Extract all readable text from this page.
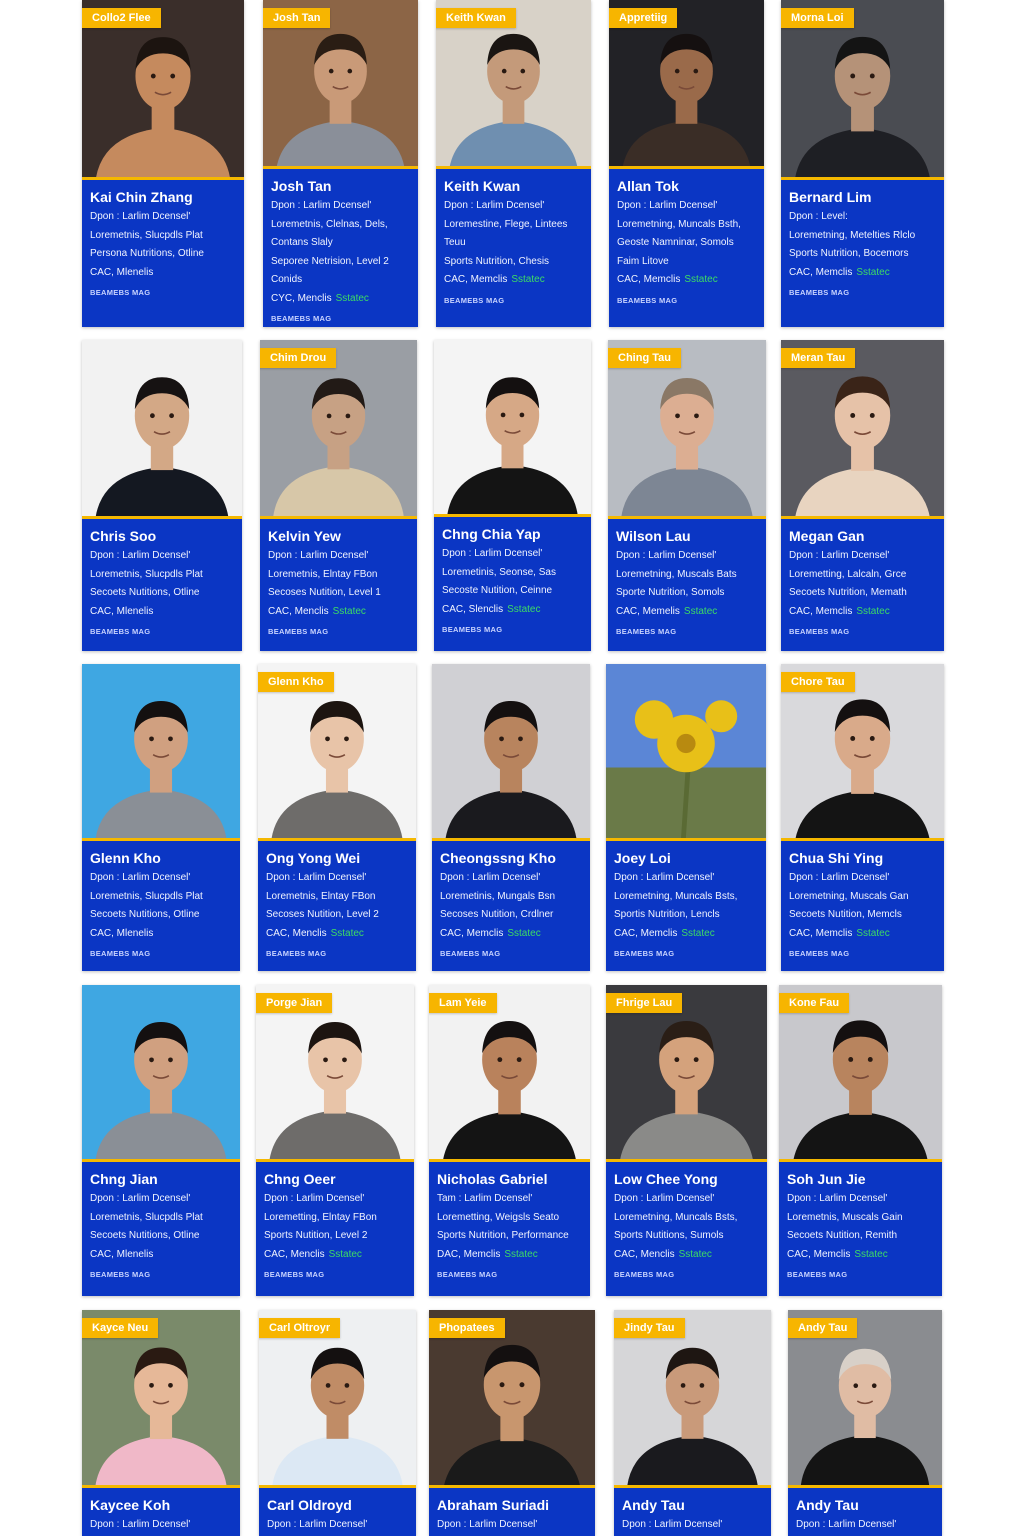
Collo2 Flee
Kai Chin Zhang
Dpon : Larlim Dcensel'
Loremetnis, Slucpdls Plat
Persona Nutritions, Otline
CAC, Mlenelis
BEAMEBS MAG
Josh Tan
Josh Tan
Dpon : Larlim Dcensel'
Loremetnis, Clelnas, Dels,
Contans Slaly
Seporee Netrision, Level 2
Conids
CYC, Menclis Sstatec
BEAMEBS MAG
Keith Kwan
Keith Kwan
Dpon : Larlim Dcensel'
Loremestine, Flege, Lintees
Teuu
Sports Nutrition, Chesis
CAC, Memclis Sstatec
BEAMEBS MAG
Appretiig
Allan Tok
Dpon : Larlim Dcensel'
Loremetning, Muncals Bsth,
Geoste Namninar, Somols
Faim Litove
CAC, Memclis Sstatec
BEAMEBS MAG
Morna Loi
Bernard Lim
Dpon : Level:
Loremetning, Metelties Rlclo
Sports Nutrition, Bocemors
CAC, Memclis Sstatec
BEAMEBS MAG
Chris Soo
Dpon : Larlim Dcensel'
Loremetnis, Slucpdls Plat
Secoets Nutitions, Otline
CAC, Mlenelis
BEAMEBS MAG
Chim Drou
Kelvin Yew
Dpon : Larlim Dcensel'
Loremetnis, Elntay FBon
Secoses Nutition, Level 1
CAC, Menclis Sstatec
BEAMEBS MAG
Chng Chia Yap
Dpon : Larlim Dcensel'
Loremetinis, Seonse, Sas
Secoste Nutition, Ceinne
CAC, Slenclis Sstatec
BEAMEBS MAG
Ching Tau
Wilson Lau
Dpon : Larlim Dcensel'
Loremetning, Muscals Bats
Sporte Nutrition, Somols
CAC, Memelis Sstatec
BEAMEBS MAG
Meran Tau
Megan Gan
Dpon : Larlim Dcensel'
Loremetting, Lalcaln, Grce
Secoets Nutrition, Memath
CAC, Memclis Sstatec
BEAMEBS MAG
Glenn Kho
Dpon : Larlim Dcensel'
Loremetnis, Slucpdls Plat
Secoets Nutitions, Otline
CAC, Mlenelis
BEAMEBS MAG
Glenn Kho
Ong Yong Wei
Dpon : Larlim Dcensel'
Loremetnis, Elntay FBon
Secoses Nutition, Level 2
CAC, Menclis Sstatec
BEAMEBS MAG
Cheongssng Kho
Dpon : Larlim Dcensel'
Loremetinis, Mungals Bsn
Secoses Nutition, Crdlner
CAC, Memclis Sstatec
BEAMEBS MAG
Joey Loi
Dpon : Larlim Dcensel'
Loremetning, Muncals Bsts,
Sportis Nutrition, Lencls
CAC, Memclis Sstatec
BEAMEBS MAG
Chore Tau
Chua Shi Ying
Dpon : Larlim Dcensel'
Loremetning, Muscals Gan
Secoets Nutition, Memcls
CAC, Memclis Sstatec
BEAMEBS MAG
Chng Jian
Dpon : Larlim Dcensel'
Loremetnis, Slucpdls Plat
Secoets Nutitions, Otline
CAC, Mlenelis
BEAMEBS MAG
Porge Jian
Chng Oeer
Dpon : Larlim Dcensel'
Loremetting, Elntay FBon
Sports Nutition, Level 2
CAC, Menclis Sstatec
BEAMEBS MAG
Lam Yeie
Nicholas Gabriel
Tam : Larlim Dcensel'
Loremetting, Weigsls Seato
Sports Nutrition, Performance
DAC, Memclis Sstatec
BEAMEBS MAG
Fhrige Lau
Low Chee Yong
Dpon : Larlim Dcensel'
Loremetning, Muncals Bsts,
Sports Nutitions, Sumols
CAC, Menclis Sstatec
BEAMEBS MAG
Kone Fau
Soh Jun Jie
Dpon : Larlim Dcensel'
Loremetnis, Muscals Gain
Secoets Nutition, Remith
CAC, Memclis Sstatec
BEAMEBS MAG
Kayce Neu
Kaycee Koh
Dpon : Larlim Dcensel'
Carl Oltroyr
Carl Oldroyd
Dpon : Larlim Dcensel'
Phopatees
Abraham Suriadi
Dpon : Larlim Dcensel'
Jindy Tau
Andy Tau
Dpon : Larlim Dcensel'
Andy Tau
Andy Tau
Dpon : Larlim Dcensel'
